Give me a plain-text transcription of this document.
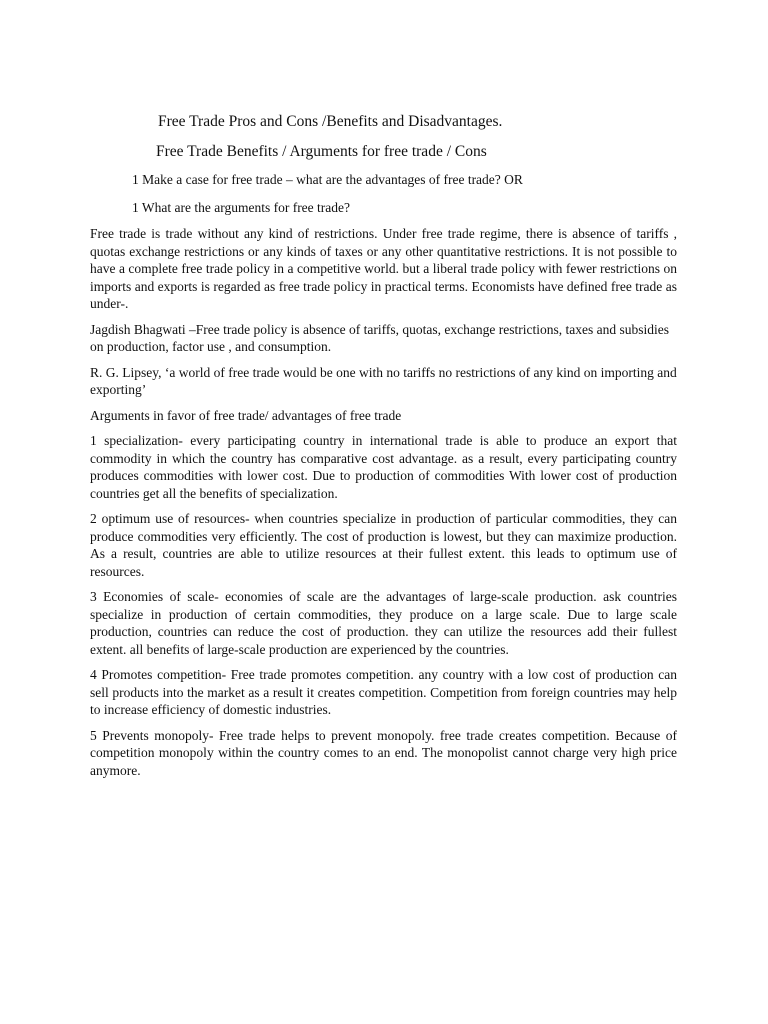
Free Trade Pros and Cons /Benefits and Disadvantages.
Free Trade Benefits / Arguments for free trade / Cons
1 Make a case for free trade – what are the advantages of free trade? OR
1 What are the arguments for free trade?

Free trade is trade without any kind of restrictions. Under free trade regime, there is absence of tariffs , quotas exchange restrictions or any kinds of taxes or any other quantitative restrictions. It is not possible to have a complete free trade policy in a competitive world. but a liberal trade policy with fewer restrictions on imports and exports is regarded as free trade policy in practical terms. Economists have defined free trade as under-.

Jagdish Bhagwati –Free trade policy is absence of tariffs, quotas, exchange restrictions, taxes and subsidies on production, factor use , and consumption.

R. G. Lipsey, ‘a world of free trade would be one with no tariffs no restrictions of any kind on importing and exporting’

Arguments in favor of free trade/ advantages of free trade

1 specialization- every participating country in international trade is able to produce an export that commodity in which the country has comparative cost advantage. as a result, every participating country produces commodities with lower cost. Due to production of commodities With lower cost of production countries get all the benefits of specialization.

2 optimum use of resources- when countries specialize in production of particular commodities, they can produce commodities very efficiently. The cost of production is lowest, but they can maximize production. As a result, countries are able to utilize resources at their fullest extent. this leads to optimum use of resources.

3 Economies of scale- economies of scale are the advantages of large-scale production. ask countries specialize in production of certain commodities, they produce on a large scale. Due to large scale production, countries can reduce the cost of production. they can utilize the resources add their fullest extent. all benefits of large-scale production are experienced by the countries.

4 Promotes competition- Free trade promotes competition. any country with a low cost of production can sell products into the market as a result it creates competition. Competition from foreign countries may help to increase efficiency of domestic industries.

5 Prevents monopoly- Free trade helps to prevent monopoly. free trade creates competition. Because of competition monopoly within the country comes to an end. The monopolist cannot charge very high price anymore.
